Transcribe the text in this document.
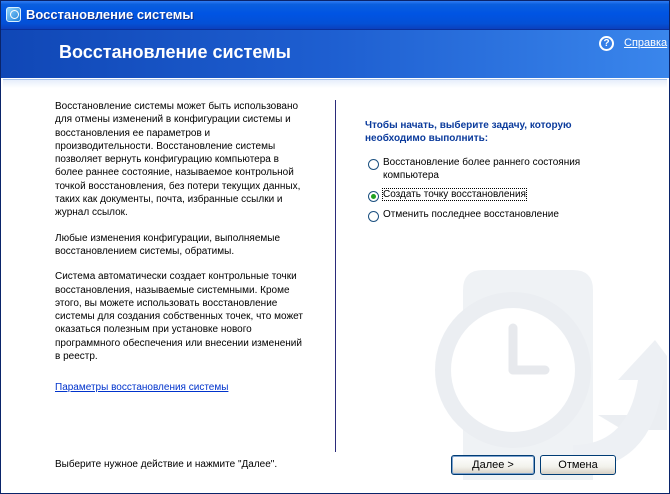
Восстановление системы
Восстановление системы	?	Справка

Восстановление системы может быть использовано для отмены изменений в конфигурации системы и восстановления ее параметров и производительности. Восстановление системы позволяет вернуть конфигурацию компьютера в более раннее состояние, называемое контрольной точкой восстановления, без потери текущих данных, таких как документы, почта, избранные ссылки и журнал ссылок.

Любые изменения конфигурации, выполняемые восстановлением системы, обратимы.

Система автоматически создает контрольные точки восстановления, называемые системными. Кроме этого, вы можете использовать восстановление системы для создания собственных точек, что может оказаться полезным при установке нового программного обеспечения или внесении изменений в реестр.

Параметры восстановления системы

Чтобы начать, выберите задачу, которую необходимо выполнить:
Восстановление более раннего состояния компьютера
Создать точку восстановления
Отменить последнее восстановление
Выберите нужное действие и нажмите "Далее".	Далее >	Отмена
